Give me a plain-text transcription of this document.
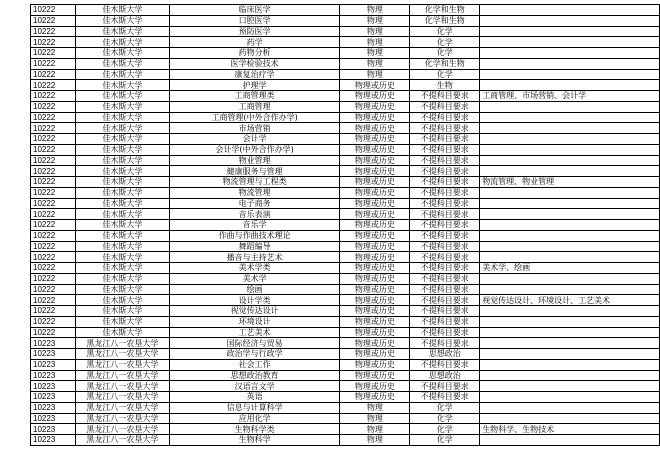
10222	佳木斯大学	临床医学	物理	化学和生物	
10222	佳木斯大学	口腔医学	物理	化学和生物	
10222	佳木斯大学	预防医学	物理	化学	
10222	佳木斯大学	药学	物理	化学	
10222	佳木斯大学	药物分析	物理	化学	
10222	佳木斯大学	医学检验技术	物理	化学和生物	
10222	佳木斯大学	康复治疗学	物理	化学	
10222	佳木斯大学	护理学	物理或历史	生物	
10222	佳木斯大学	工商管理类	物理或历史	不提科目要求	工商管理、市场营销、会计学
10222	佳木斯大学	工商管理	物理或历史	不提科目要求	
10222	佳木斯大学	工商管理(中外合作办学)	物理或历史	不提科目要求	
10222	佳木斯大学	市场营销	物理或历史	不提科目要求	
10222	佳木斯大学	会计学	物理或历史	不提科目要求	
10222	佳木斯大学	会计学(中外合作办学)	物理或历史	不提科目要求	
10222	佳木斯大学	物业管理	物理或历史	不提科目要求	
10222	佳木斯大学	健康服务与管理	物理或历史	不提科目要求	
10222	佳木斯大学	物流管理与工程类	物理或历史	不提科目要求	物流管理、物业管理
10222	佳木斯大学	物流管理	物理或历史	不提科目要求	
10222	佳木斯大学	电子商务	物理或历史	不提科目要求	
10222	佳木斯大学	音乐表演	物理或历史	不提科目要求	
10222	佳木斯大学	音乐学	物理或历史	不提科目要求	
10222	佳木斯大学	作曲与作曲技术理论	物理或历史	不提科目要求	
10222	佳木斯大学	舞蹈编导	物理或历史	不提科目要求	
10222	佳木斯大学	播音与主持艺术	物理或历史	不提科目要求	
10222	佳木斯大学	美术学类	物理或历史	不提科目要求	美术学、绘画
10222	佳木斯大学	美术学	物理或历史	不提科目要求	
10222	佳木斯大学	绘画	物理或历史	不提科目要求	
10222	佳木斯大学	设计学类	物理或历史	不提科目要求	视觉传达设计、环境设计、工艺美术
10222	佳木斯大学	视觉传达设计	物理或历史	不提科目要求	
10222	佳木斯大学	环境设计	物理或历史	不提科目要求	
10222	佳木斯大学	工艺美术	物理或历史	不提科目要求	
10223	黑龙江八一农垦大学	国际经济与贸易	物理或历史	不提科目要求	
10223	黑龙江八一农垦大学	政治学与行政学	物理或历史	思想政治	
10223	黑龙江八一农垦大学	社会工作	物理或历史	不提科目要求	
10223	黑龙江八一农垦大学	思想政治教育	物理或历史	思想政治	
10223	黑龙江八一农垦大学	汉语言文学	物理或历史	不提科目要求	
10223	黑龙江八一农垦大学	英语	物理或历史	不提科目要求	
10223	黑龙江八一农垦大学	信息与计算科学	物理	化学	
10223	黑龙江八一农垦大学	应用化学	物理	化学	
10223	黑龙江八一农垦大学	生物科学类	物理	化学	生物科学、生物技术
10223	黑龙江八一农垦大学	生物科学	物理	化学	
